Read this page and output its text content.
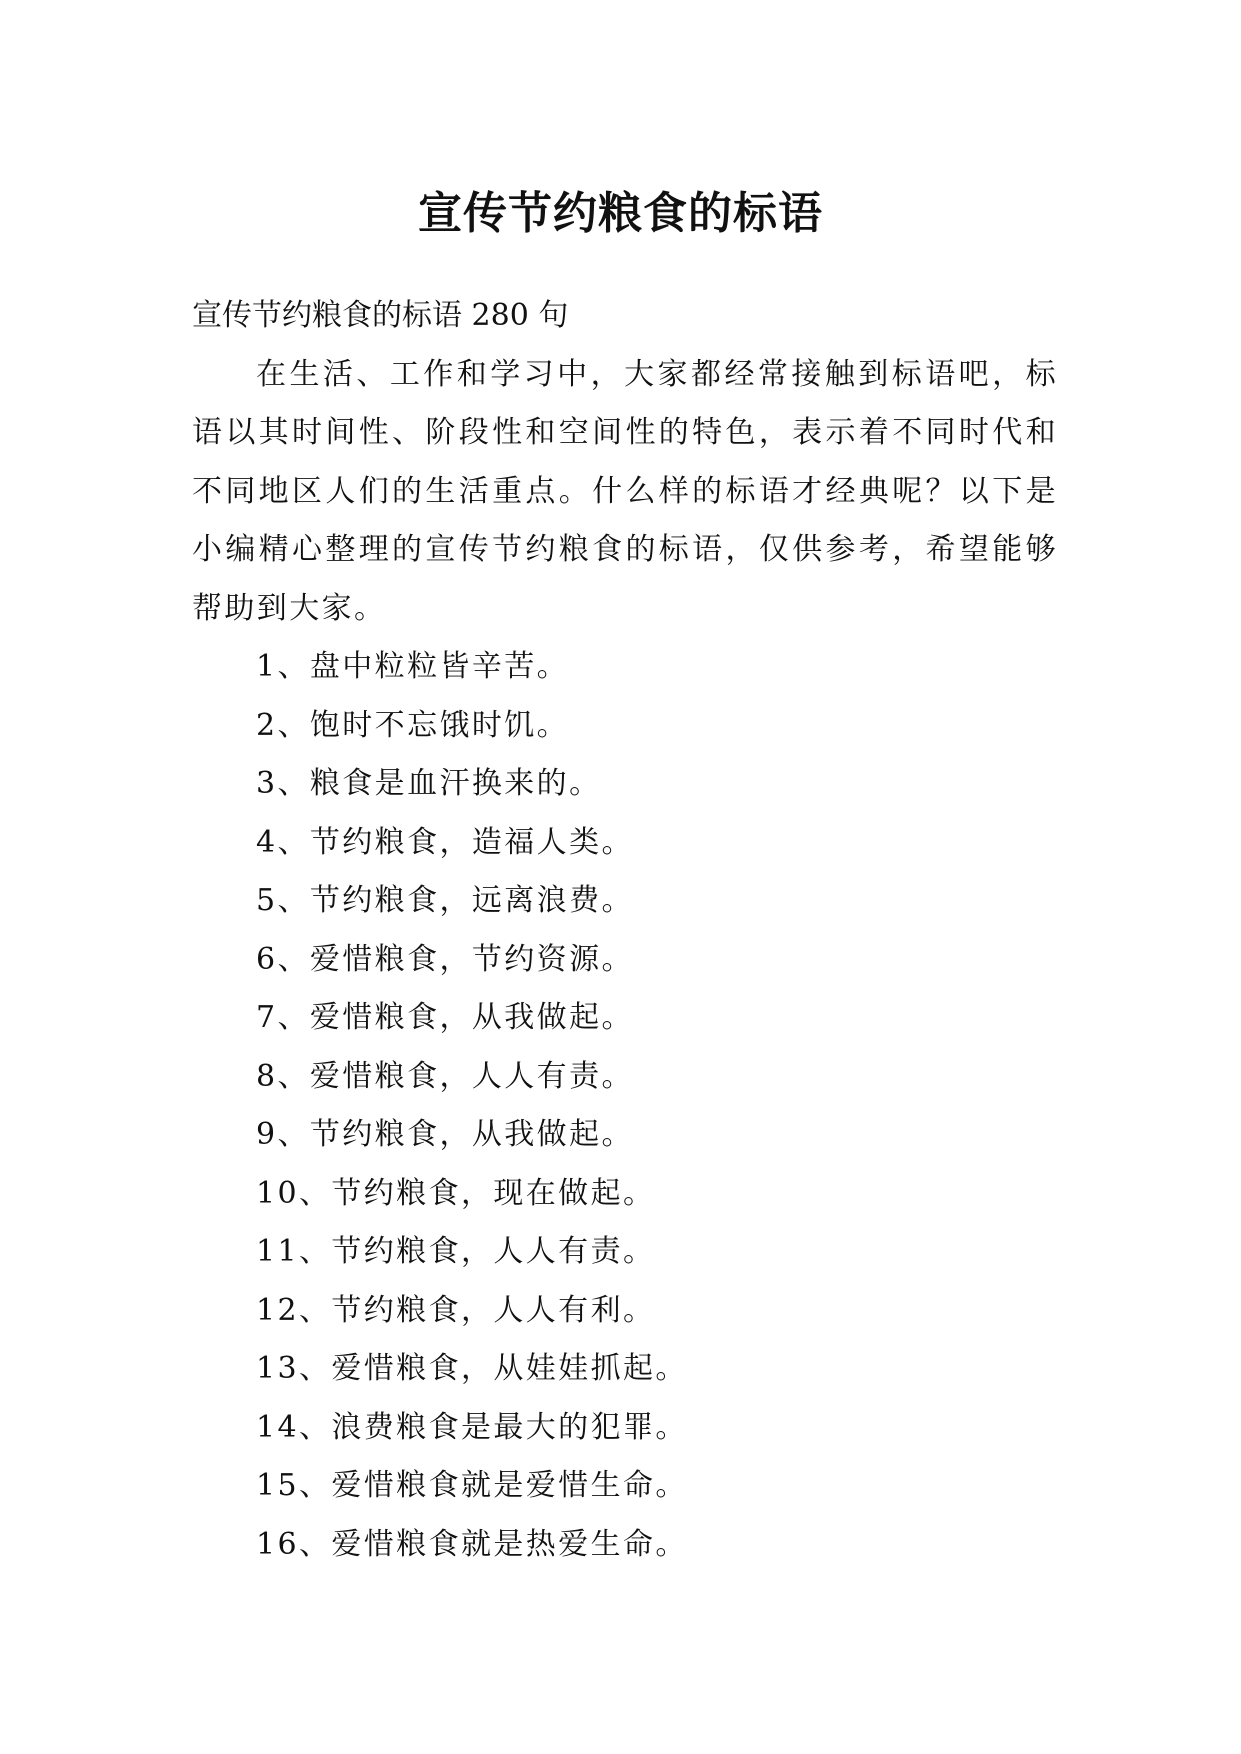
宣传节约粮食的标语

宣传节约粮食的标语 280 句

在生活、工作和学习中，大家都经常接触到标语吧，标语以其时间性、阶段性和空间性的特色，表示着不同时代和不同地区人们的生活重点。什么样的标语才经典呢？以下是小编精心整理的宣传节约粮食的标语，仅供参考，希望能够帮助到大家。

1、盘中粒粒皆辛苦。
2、饱时不忘饿时饥。
3、粮食是血汗换来的。
4、节约粮食，造福人类。
5、节约粮食，远离浪费。
6、爱惜粮食，节约资源。
7、爱惜粮食，从我做起。
8、爱惜粮食，人人有责。
9、节约粮食，从我做起。
10、节约粮食，现在做起。
11、节约粮食，人人有责。
12、节约粮食，人人有利。
13、爱惜粮食，从娃娃抓起。
14、浪费粮食是最大的犯罪。
15、爱惜粮食就是爱惜生命。
16、爱惜粮食就是热爱生命。
